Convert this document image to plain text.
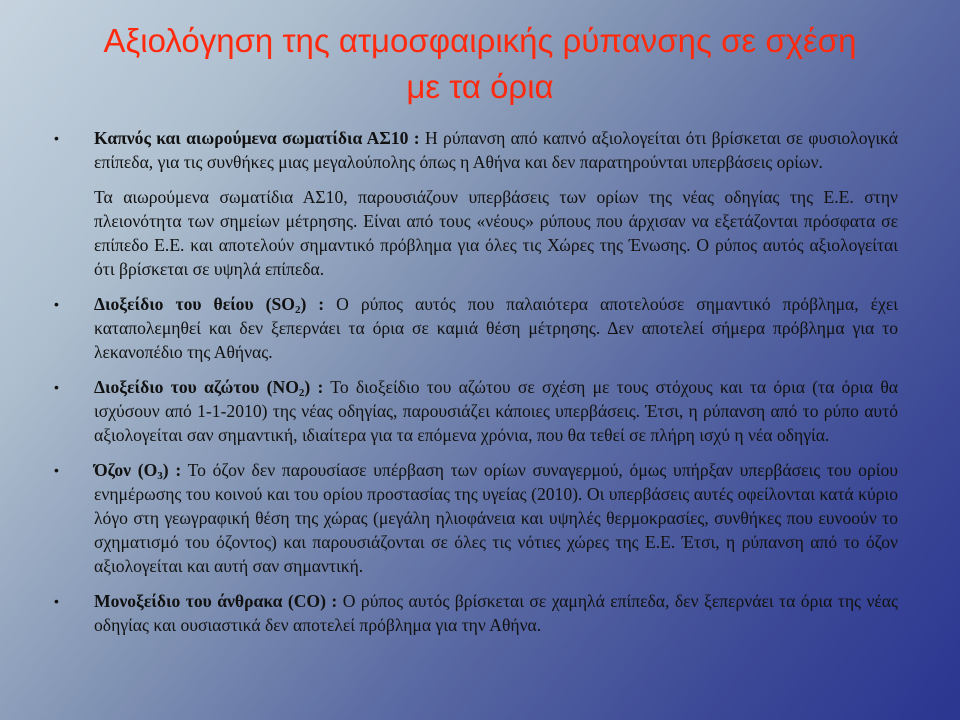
Αξιολόγηση της ατμοσφαιρικής ρύπανσης σε σχέση
με τα όρια
• Καπνός και αιωρούμενα σωματίδια ΑΣ10 : Η ρύπανση από καπνό αξιολογείται ότι βρίσκεται σε φυσιολογικά επίπεδα, για τις συνθήκες μιας μεγαλούπολης όπως η Αθήνα και δεν παρατηρούνται υπερβάσεις ορίων.
Τα αιωρούμενα σωματίδια ΑΣ10, παρουσιάζουν υπερβάσεις των ορίων της νέας οδηγίας της Ε.Ε. στην πλειονότητα των σημείων μέτρησης. Είναι από τους «νέους» ρύπους που άρχισαν να εξετάζονται πρόσφατα σε επίπεδο Ε.Ε. και αποτελούν σημαντικό πρόβλημα για όλες τις Χώρες της Ένωσης. Ο ρύπος αυτός αξιολογείται ότι βρίσκεται σε υψηλά επίπεδα.
• Διοξείδιο του θείου $(SO_2)$ : Ο ρύπος αυτός που παλαιότερα αποτελούσε σημαντικό πρόβλημα, έχει καταπολεμηθεί και δεν ξεπερνάει τα όρια σε καμιά θέση μέτρησης. Δεν αποτελεί σήμερα πρόβλημα για το λεκανοπέδιο της Αθήνας.
• Διοξείδιο του αζώτου $(NO_2)$ : Το διοξείδιο του αζώτου σε σχέση με τους στόχους και τα όρια (τα όρια θα ισχύσουν από 1-1-2010) της νέας οδηγίας, παρουσιάζει κάποιες υπερβάσεις. Έτσι, η ρύπανση από το ρύπο αυτό αξιολογείται σαν σημαντική, ιδιαίτερα για τα επόμενα χρόνια, που θα τεθεί σε πλήρη ισχύ η νέα οδηγία.
• Όζον $(O_3)$ : Το όζον δεν παρουσίασε υπέρβαση των ορίων συναγερμού, όμως υπήρξαν υπερβάσεις του ορίου ενημέρωσης του κοινού και του ορίου προστασίας της υγείας (2010). Οι υπερβάσεις αυτές οφείλονται κατά κύριο λόγο στη γεωγραφική θέση της χώρας (μεγάλη ηλιοφάνεια και υψηλές θερμοκρασίες, συνθήκες που ευνοούν το σχηματισμό του όζοντος) και παρουσιάζονται σε όλες τις νότιες χώρες της Ε.Ε. Έτσι, η ρύπανση από το όζον αξιολογείται και αυτή σαν σημαντική.
• Μονοξείδιο του άνθρακα (CO) : Ο ρύπος αυτός βρίσκεται σε χαμηλά επίπεδα, δεν ξεπερνάει τα όρια της νέας οδηγίας και ουσιαστικά δεν αποτελεί πρόβλημα για την Αθήνα.
